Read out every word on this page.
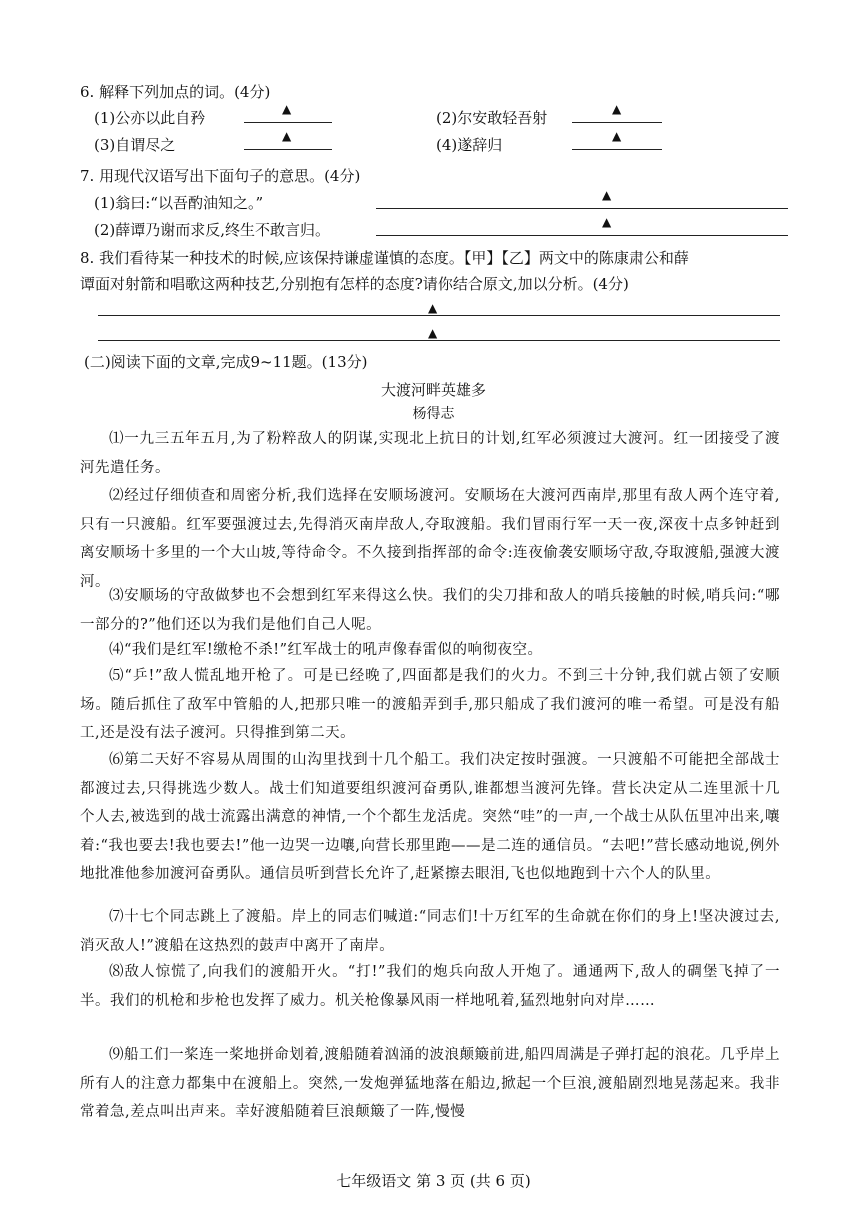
6. 解释下列加点的词。(4分)
(1)公亦以此自矜	▲	(2)尔安敢轻吾射	▲
(3)自谓尽之	▲	(4)遂辞归	▲
7. 用现代汉语写出下面句子的意思。(4分)
(1)翁曰:“以吾酌油知之。”	▲
(2)薛谭乃谢而求反,终生不敢言归。	▲
8. 我们看待某一种技术的时候,应该保持谦虚谨慎的态度。【甲】【乙】两文中的陈康肃公和薛
谭面对射箭和唱歌这两种技艺,分别抱有怎样的态度?请你结合原文,加以分析。(4分)
▲
▲
(二)阅读下面的文章,完成9~11题。(13分)
大渡河畔英雄多
杨得志
⑴一九三五年五月,为了粉粹敌人的阴谋,实现北上抗日的计划,红军必须渡过大渡河。红一团接受了渡河先遣任务。
⑵经过仔细侦查和周密分析,我们选择在安顺场渡河。安顺场在大渡河西南岸,那里有敌人两个连守着,只有一只渡船。红军要强渡过去,先得消灭南岸敌人,夺取渡船。我们冒雨行军一天一夜,深夜十点多钟赶到离安顺场十多里的一个大山坡,等待命令。不久接到指挥部的命令:连夜偷袭安顺场守敌,夺取渡船,强渡大渡河。
⑶安顺场的守敌做梦也不会想到红军来得这么快。我们的尖刀排和敌人的哨兵接触的时候,哨兵问:“哪一部分的?”他们还以为我们是他们自己人呢。
⑷“我们是红军!缴枪不杀!”红军战士的吼声像春雷似的响彻夜空。
⑸“乒!”敌人慌乱地开枪了。可是已经晚了,四面都是我们的火力。不到三十分钟,我们就占领了安顺场。随后抓住了敌军中管船的人,把那只唯一的渡船弄到手,那只船成了我们渡河的唯一希望。可是没有船工,还是没有法子渡河。只得推到第二天。
⑹第二天好不容易从周围的山沟里找到十几个船工。我们决定按时强渡。一只渡船不可能把全部战士都渡过去,只得挑选少数人。战士们知道要组织渡河奋勇队,谁都想当渡河先锋。营长决定从二连里派十几个人去,被选到的战士流露出满意的神情,一个个都生龙活虎。突然“哇”的一声,一个战士从队伍里冲出来,嚷着:“我也要去!我也要去!”他一边哭一边嚷,向营长那里跑——是二连的通信员。“去吧!”营长感动地说,例外地批准他参加渡河奋勇队。通信员听到营长允许了,赶紧擦去眼泪,飞也似地跑到十六个人的队里。
⑺十七个同志跳上了渡船。岸上的同志们喊道:“同志们!十万红军的生命就在你们的身上!坚决渡过去,消灭敌人!”渡船在这热烈的鼓声中离开了南岸。
⑻敌人惊慌了,向我们的渡船开火。“打!”我们的炮兵向敌人开炮了。通通两下,敌人的碉堡飞掉了一半。我们的机枪和步枪也发挥了威力。机关枪像暴风雨一样地吼着,猛烈地射向对岸……
⑼船工们一桨连一桨地拼命划着,渡船随着汹涌的波浪颠簸前进,船四周满是子弹打起的浪花。几乎岸上所有人的注意力都集中在渡船上。突然,一发炮弹猛地落在船边,掀起一个巨浪,渡船剧烈地晃荡起来。我非常着急,差点叫出声来。幸好渡船随着巨浪颠簸了一阵,慢慢
七年级语文 第 3 页 (共 6 页)
